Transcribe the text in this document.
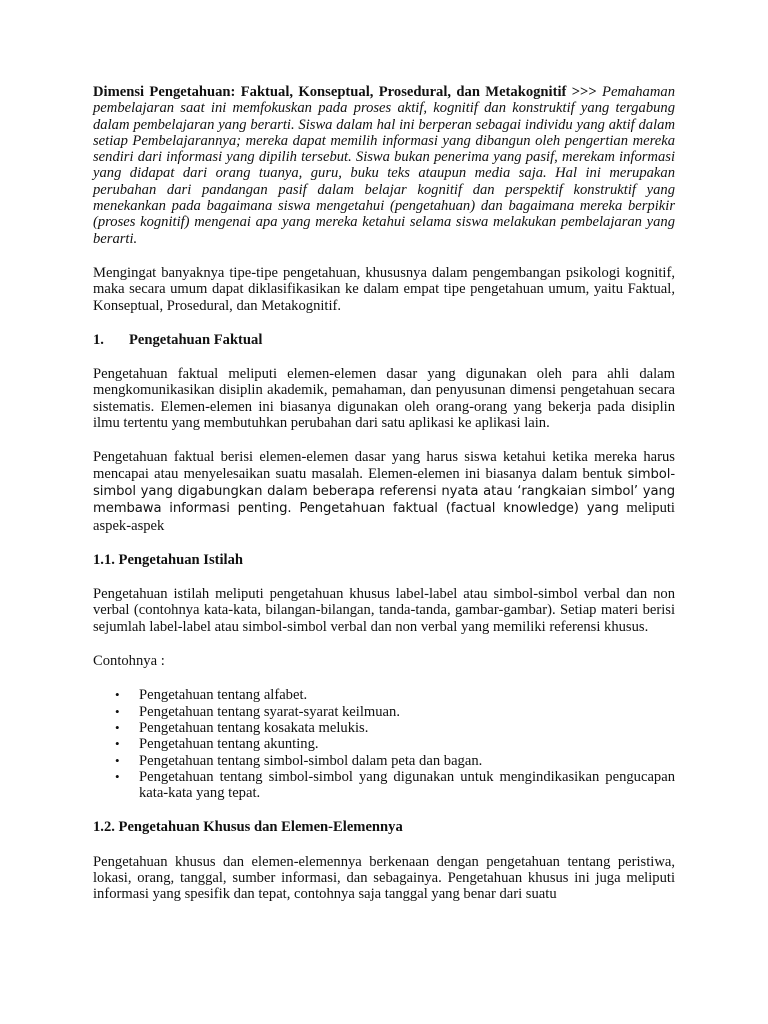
Dimensi Pengetahuan: Faktual, Konseptual, Prosedural, dan Metakognitif >>> Pemahaman pembelajaran saat ini memfokuskan pada proses aktif, kognitif dan konstruktif yang tergabung dalam pembelajaran yang berarti. Siswa dalam hal ini berperan sebagai individu yang aktif dalam setiap Pembelajarannya; mereka dapat memilih informasi yang dibangun oleh pengertian mereka sendiri dari informasi yang dipilih tersebut. Siswa bukan penerima yang pasif, merekam informasi yang didapat dari orang tuanya, guru, buku teks ataupun media saja. Hal ini merupakan perubahan dari pandangan pasif dalam belajar kognitif dan perspektif konstruktif yang menekankan pada bagaimana siswa mengetahui (pengetahuan) dan bagaimana mereka berpikir (proses kognitif) mengenai apa yang mereka ketahui selama siswa melakukan pembelajaran yang berarti.

Mengingat banyaknya tipe-tipe pengetahuan, khususnya dalam pengembangan psikologi kognitif, maka secara umum dapat diklasifikasikan ke dalam empat tipe pengetahuan umum, yaitu Faktual, Konseptual, Prosedural, dan Metakognitif.

1. Pengetahuan Faktual

Pengetahuan faktual meliputi elemen-elemen dasar yang digunakan oleh para ahli dalam mengkomunikasikan disiplin akademik, pemahaman, dan penyusunan dimensi pengetahuan secara sistematis. Elemen-elemen ini biasanya digunakan oleh orang-orang yang bekerja pada disiplin ilmu tertentu yang membutuhkan perubahan dari satu aplikasi ke aplikasi lain.

Pengetahuan faktual berisi elemen-elemen dasar yang harus siswa ketahui ketika mereka harus mencapai atau menyelesaikan suatu masalah. Elemen-elemen ini biasanya dalam bentuk simbol-simbol yang digabungkan dalam beberapa referensi nyata atau ‘rangkaian simbol’ yang membawa informasi penting. Pengetahuan faktual (factual knowledge) yang meliputi aspek-aspek

1.1. Pengetahuan Istilah

Pengetahuan istilah meliputi pengetahuan khusus label-label atau simbol-simbol verbal dan non verbal (contohnya kata-kata, bilangan-bilangan, tanda-tanda, gambar-gambar). Setiap materi berisi sejumlah label-label atau simbol-simbol verbal dan non verbal yang memiliki referensi khusus.

Contohnya :

• Pengetahuan tentang alfabet.
• Pengetahuan tentang syarat-syarat keilmuan.
• Pengetahuan tentang kosakata melukis.
• Pengetahuan tentang akunting.
• Pengetahuan tentang simbol-simbol dalam peta dan bagan.
• Pengetahuan tentang simbol-simbol yang digunakan untuk mengindikasikan pengucapan kata-kata yang tepat.
1.2. Pengetahuan Khusus dan Elemen-Elemennya

Pengetahuan khusus dan elemen-elemennya berkenaan dengan pengetahuan tentang peristiwa, lokasi, orang, tanggal, sumber informasi, dan sebagainya. Pengetahuan khusus ini juga meliputi informasi yang spesifik dan tepat, contohnya saja tanggal yang benar dari suatu
